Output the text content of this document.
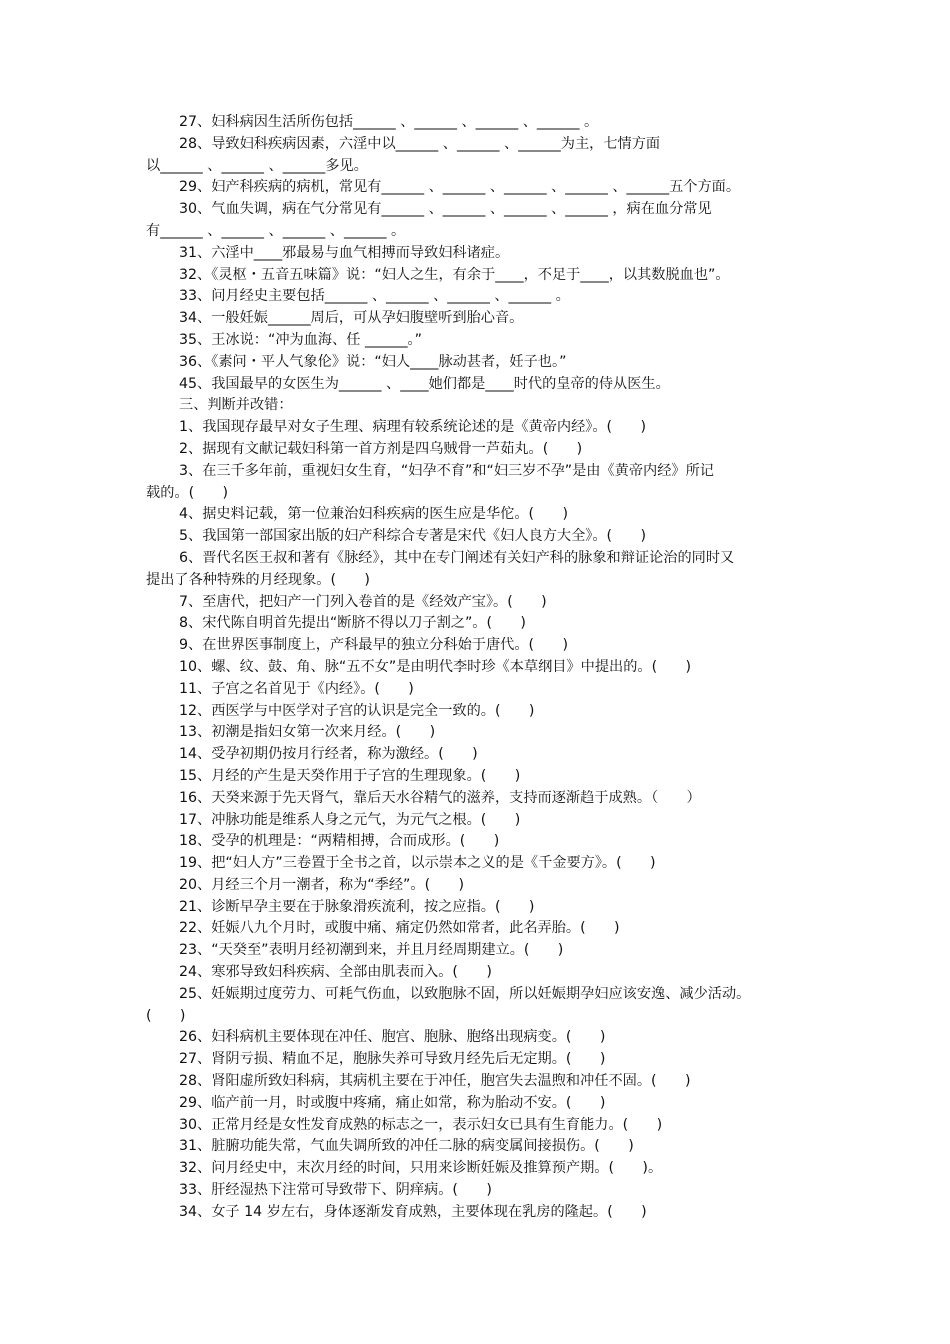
27、妇科病因生活所伤包括______ 、______ 、______ 、______ 。
28、导致妇科疾病因素，六淫中以______ 、______ 、______为主，七情方面
以______ 、______ 、______多见。
29、妇产科疾病的病机，常见有______ 、______ 、______ 、______ 、______五个方面。
30、气血失调，病在气分常见有______ 、______ 、______ 、______ ，病在血分常见
有______ 、______ 、______ 、______ 。
31、六淫中____邪最易与血气相搏而导致妇科诸症。
32、《灵枢・五音五味篇》说：“妇人之生，有余于____，不足于____，以其数脱血也”。
33、问月经史主要包括______ 、______ 、______ 、______ 。
34、一般妊娠______周后，可从孕妇腹壁听到胎心音。
35、王冰说：“冲为血海、任 ______。”
36、《素问・平人气象伦》说：“妇人____脉动甚者，妊子也。”
45、我国最早的女医生为______ 、____她们都是____时代的皇帝的侍从医生。
三、判断并改错：
1、我国现存最早对女子生理、病理有较系统论述的是《黄帝内经》。(　　)
2、据现有文献记载妇科第一首方剂是四乌贼骨一芦茹丸。(　　)
3、在三千多年前，重视妇女生育，“妇孕不育”和“妇三岁不孕”是由《黄帝内经》所记
载的。(　　)
4、据史料记载，第一位兼治妇科疾病的医生应是华佗。(　　)
5、我国第一部国家出版的妇产科综合专著是宋代《妇人良方大全》。(　　)
6、晋代名医王叔和著有《脉经》，其中在专门阐述有关妇产科的脉象和辩证论治的同时又
提出了各种特殊的月经现象。(　　)
7、至唐代，把妇产一门列入卷首的是《经效产宝》。(　　)
8、宋代陈自明首先提出“断脐不得以刀子割之”。(　　)
9、在世界医事制度上，产科最早的独立分科始于唐代。(　　)
10、螺、纹、鼓、角、脉“五不女”是由明代李时珍《本草纲目》中提出的。(　　)
11、子宫之名首见于《内经》。(　　)
12、西医学与中医学对子宫的认识是完全一致的。(　　)
13、初潮是指妇女第一次来月经。(　　)
14、受孕初期仍按月行经者，称为激经。(　　)
15、月经的产生是天癸作用于子宫的生理现象。(　　)
16、天癸来源于先天肾气，靠后天水谷精气的滋养，支持而逐渐趋于成熟。（　　）
17、冲脉功能是维系人身之元气，为元气之根。(　　)
18、受孕的机理是：“两精相搏，合而成形。(　　)
19、把“妇人方”三卷置于全书之首，以示崇本之义的是《千金要方》。(　　)
20、月经三个月一潮者，称为“季经”。(　　)
21、诊断早孕主要在于脉象滑疾流利，按之应指。(　　)
22、妊娠八九个月时，或腹中痛、痛定仍然如常者，此名弄胎。(　　)
23、“天癸至”表明月经初潮到来，并且月经周期建立。(　　)
24、寒邪导致妇科疾病、全部由肌表而入。(　　)
25、妊娠期过度劳力、可耗气伤血，以致胞脉不固，所以妊娠期孕妇应该安逸、减少活动。
(　　)
26、妇科病机主要体现在冲任、胞宫、胞脉、胞络出现病变。(　　)
27、肾阴亏损、精血不足，胞脉失养可导致月经先后无定期。(　　)
28、肾阳虚所致妇科病，其病机主要在于冲任，胞宫失去温煦和冲任不固。(　　)
29、临产前一月，时或腹中疼痛，痛止如常，称为胎动不安。(　　)
30、正常月经是女性发育成熟的标志之一，表示妇女已具有生育能力。(　　)
31、脏腑功能失常，气血失调所致的冲任二脉的病变属间接损伤。(　　)
32、问月经史中，末次月经的时间，只用来诊断妊娠及推算预产期。(　　)。
33、肝经湿热下注常可导致带下、阴痒病。(　　)
34、女子 14 岁左右，身体逐渐发育成熟，主要体现在乳房的隆起。(　　)
